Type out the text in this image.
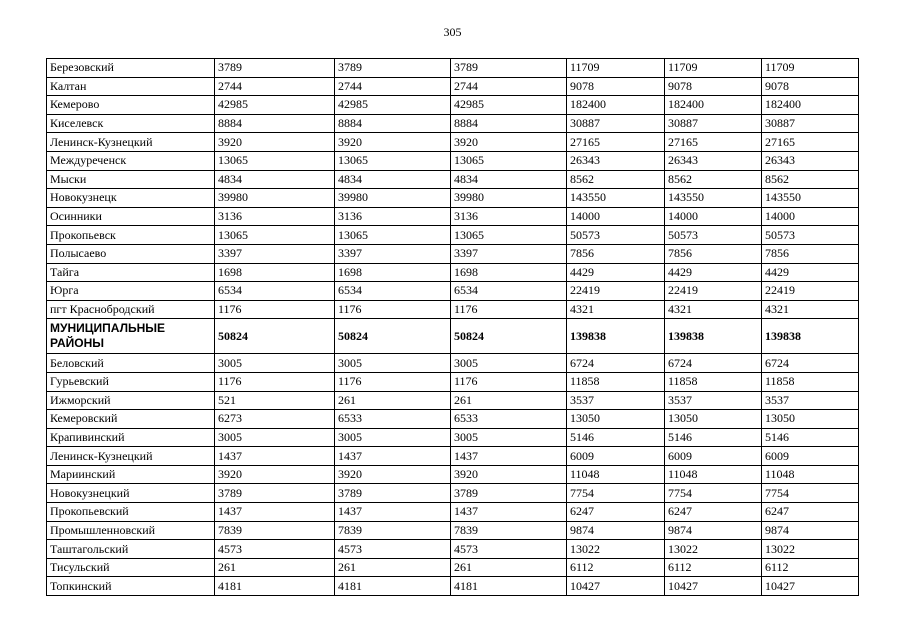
305
Березовский	3789	3789	3789	11709	11709	11709
Калтан	2744	2744	2744	9078	9078	9078
Кемерово	42985	42985	42985	182400	182400	182400
Киселевск	8884	8884	8884	30887	30887	30887
Ленинск-Кузнецкий	3920	3920	3920	27165	27165	27165
Междуреченск	13065	13065	13065	26343	26343	26343
Мыски	4834	4834	4834	8562	8562	8562
Новокузнецк	39980	39980	39980	143550	143550	143550
Осинники	3136	3136	3136	14000	14000	14000
Прокопьевск	13065	13065	13065	50573	50573	50573
Полысаево	3397	3397	3397	7856	7856	7856
Тайга	1698	1698	1698	4429	4429	4429
Юрга	6534	6534	6534	22419	22419	22419
пгт Краснобродский	1176	1176	1176	4321	4321	4321
МУНИЦИПАЛЬНЫЕ РАЙОНЫ	50824	50824	50824	139838	139838	139838
Беловский	3005	3005	3005	6724	6724	6724
Гурьевский	1176	1176	1176	11858	11858	11858
Ижморский	521	261	261	3537	3537	3537
Кемеровский	6273	6533	6533	13050	13050	13050
Крапивинский	3005	3005	3005	5146	5146	5146
Ленинск-Кузнецкий	1437	1437	1437	6009	6009	6009
Мариинский	3920	3920	3920	11048	11048	11048
Новокузнецкий	3789	3789	3789	7754	7754	7754
Прокопьевский	1437	1437	1437	6247	6247	6247
Промышленновский	7839	7839	7839	9874	9874	9874
Таштагольский	4573	4573	4573	13022	13022	13022
Тисульский	261	261	261	6112	6112	6112
Топкинский	4181	4181	4181	10427	10427	10427
